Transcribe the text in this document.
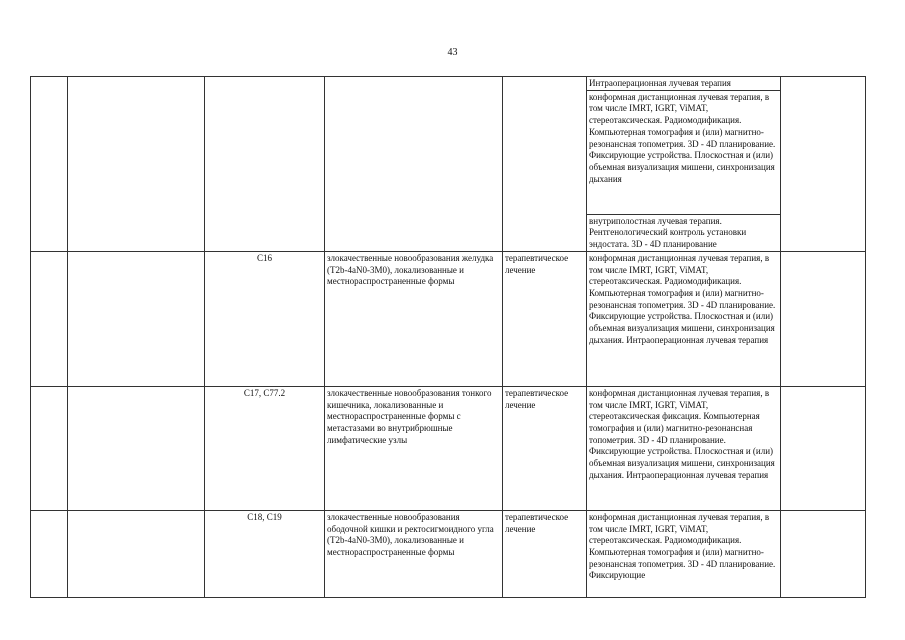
43
					Интраоперационная лучевая терапия	
					конформная дистанционная лучевая терапия, в том числе IMRT, IGRT, ViMAT, стереотаксическая. Радиомодификация. Компьютерная томография и (или) магнитно-резонансная топометрия. 3D - 4D планирование. Фиксирующие устройства. Плоскостная и (или) объемная визуализация мишени, синхронизация дыхания	
					внутриполостная лучевая терапия. Рентгенологический контроль установки эндостата. 3D - 4D планирование	
		C16	злокачественные новообразования желудка (T2b-4aN0-3M0), локализованные и местнораспространенные формы	терапевтическое лечение	конформная дистанционная лучевая терапия, в том числе IMRT, IGRT, ViMAT, стереотаксическая. Радиомодификация. Компьютерная томография и (или) магнитно-резонансная топометрия. 3D - 4D планирование. Фиксирующие устройства. Плоскостная и (или) объемная визуализация мишени, синхронизация дыхания. Интраоперационная лучевая терапия	
		C17, C77.2	злокачественные новообразования тонкого кишечника, локализованные и местнораспространенные формы с метастазами во внутрибрюшные лимфатические узлы	терапевтическое лечение	конформная дистанционная лучевая терапия, в том числе IMRT, IGRT, ViMAT, стереотаксическая фиксация. Компьютерная томография и (или) магнитно-резонансная топометрия. 3D - 4D планирование. Фиксирующие устройства. Плоскостная и (или) объемная визуализация мишени, синхронизация дыхания. Интраоперационная лучевая терапия	
		C18, C19	злокачественные новообразования ободочной кишки и ректосигмоидного угла (T2b-4aN0-3M0), локализованные и местнораспространенные формы	терапевтическое лечение	конформная дистанционная лучевая терапия, в том числе IMRT, IGRT, ViMAT, стереотаксическая. Радиомодификация. Компьютерная томография и (или) магнитно-резонансная топометрия. 3D - 4D планирование. Фиксирующие	
